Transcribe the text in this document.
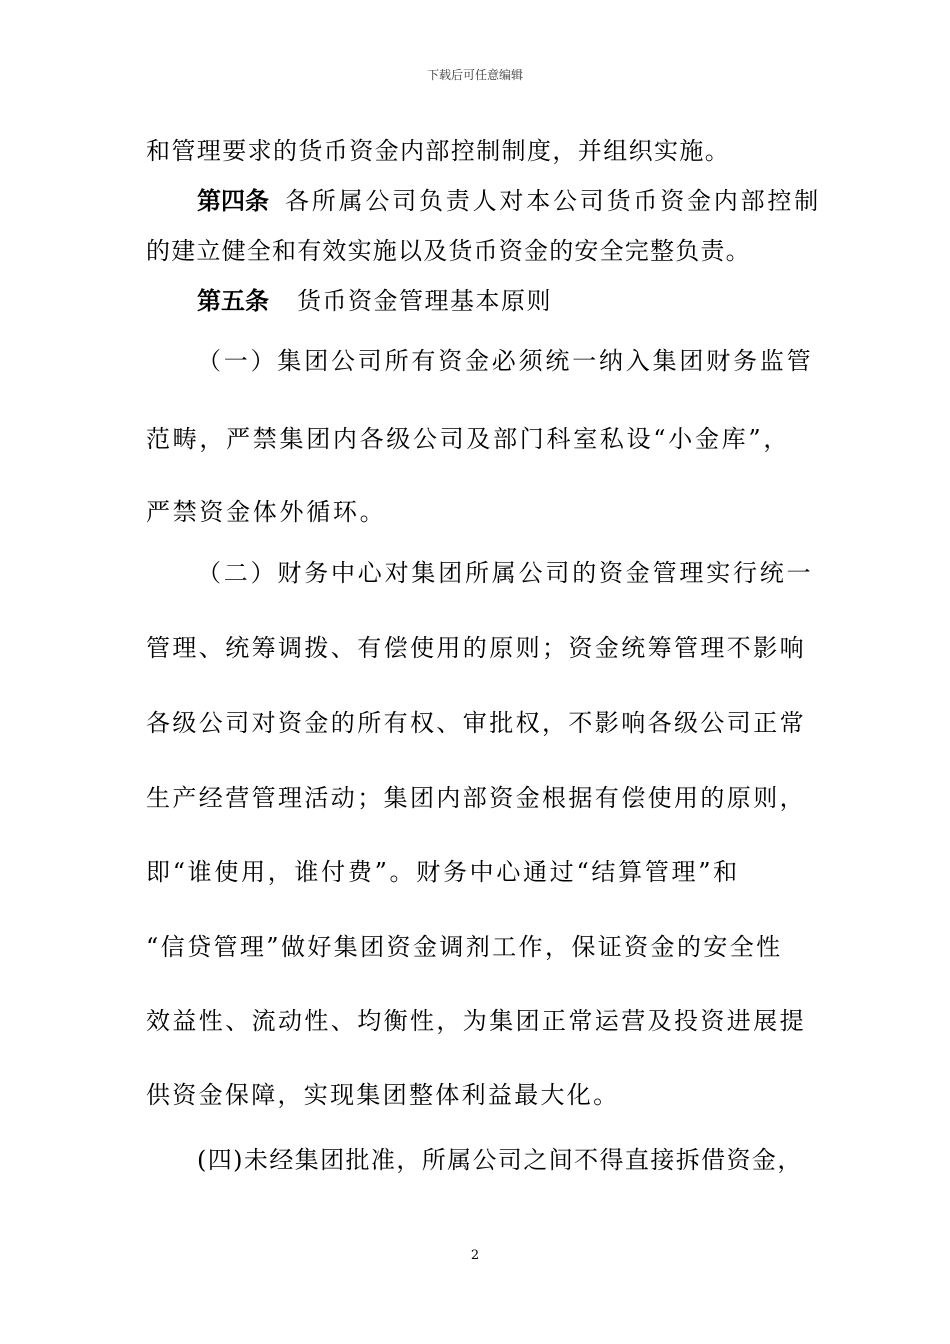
下载后可任意编辑
和管理要求的货币资金内部控制制度，并组织实施。
第四条 各所属公司负责人对本公司货币资金内部控制
的建立健全和有效实施以及货币资金的安全完整负责。
第五条 货币资金管理基本原则
（一）集团公司所有资金必须统一纳入集团财务监管
范畴，严禁集团内各级公司及部门科室私设“小金库”，
严禁资金体外循环。
（二）财务中心对集团所属公司的资金管理实行统一
管理、统筹调拨、有偿使用的原则；资金统筹管理不影响
各级公司对资金的所有权、审批权，不影响各级公司正常
生产经营管理活动；集团内部资金根据有偿使用的原则，
即“谁使用，谁付费”。财务中心通过“结算管理”和
“信贷管理”做好集团资金调剂工作，保证资金的安全性
效益性、流动性、均衡性，为集团正常运营及投资进展提
供资金保障，实现集团整体利益最大化。
(四)未经集团批准，所属公司之间不得直接拆借资金，
2
